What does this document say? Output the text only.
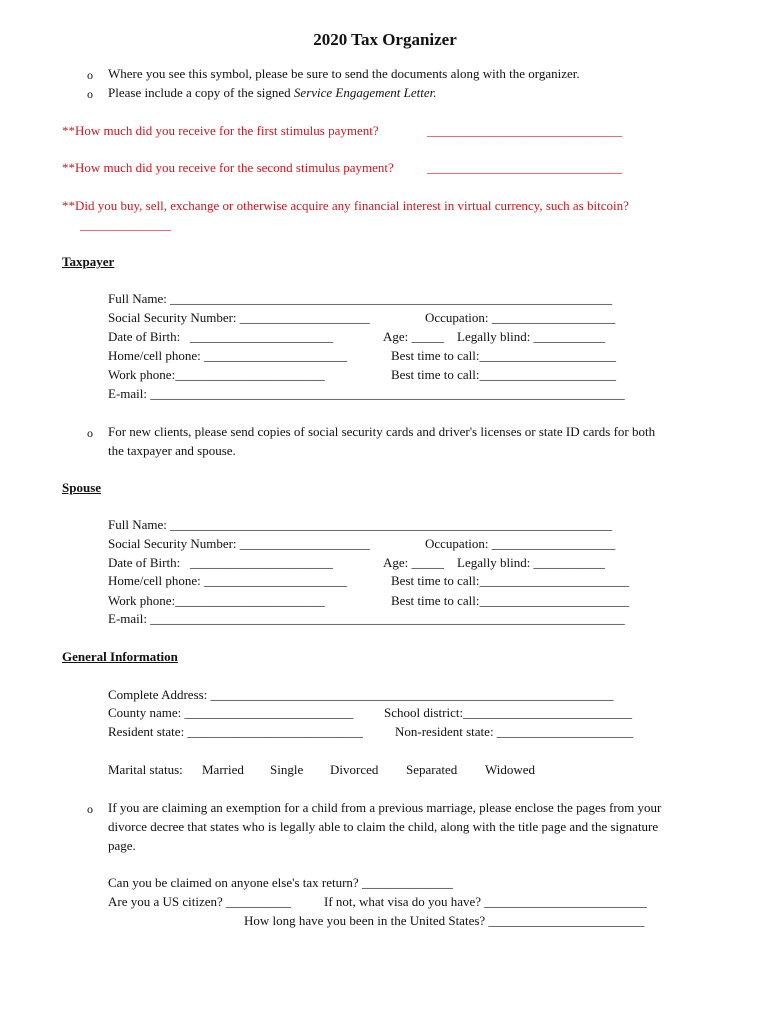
2020 Tax Organizer
o Where you see this symbol, please be sure to send the documents along with the organizer.
o Please include a copy of the signed Service Engagement Letter.
**How much did you receive for the first stimulus payment?	______________________________
**How much did you receive for the second stimulus payment?	______________________________
**Did you buy, sell, exchange or otherwise acquire any financial interest in virtual currency, such as bitcoin?
______________
Taxpayer
Full Name: ____________________________________________________________________
Social Security Number: ____________________	Occupation: ___________________
Date of Birth:   ______________________	Age: _____    Legally blind: ___________
Home/cell phone: ______________________	Best time to call:_____________________
Work phone:_______________________	Best time to call:_____________________
E-mail: _________________________________________________________________________
o For new clients, please send copies of social security cards and driver's licenses or state ID cards for both
the taxpayer and spouse.
Spouse
Full Name: ____________________________________________________________________
Social Security Number: ____________________	Occupation: ___________________
Date of Birth:   ______________________	Age: _____    Legally blind: ___________
Home/cell phone: ______________________	Best time to call:_______________________
Work phone:_______________________	Best time to call:_______________________
E-mail: _________________________________________________________________________
General Information
Complete Address: ______________________________________________________________
County name: __________________________ School district:__________________________
Resident state: ___________________________ Non-resident state: _____________________
Marital status: Married Single Divorced Separated Widowed
o If you are claiming an exemption for a child from a previous marriage, please enclose the pages from your
divorce decree that states who is legally able to claim the child, along with the title page and the signature
page.
Can you be claimed on anyone else's tax return? ______________
Are you a US citizen? __________	If not, what visa do you have? _________________________
How long have you been in the United States? ________________________
